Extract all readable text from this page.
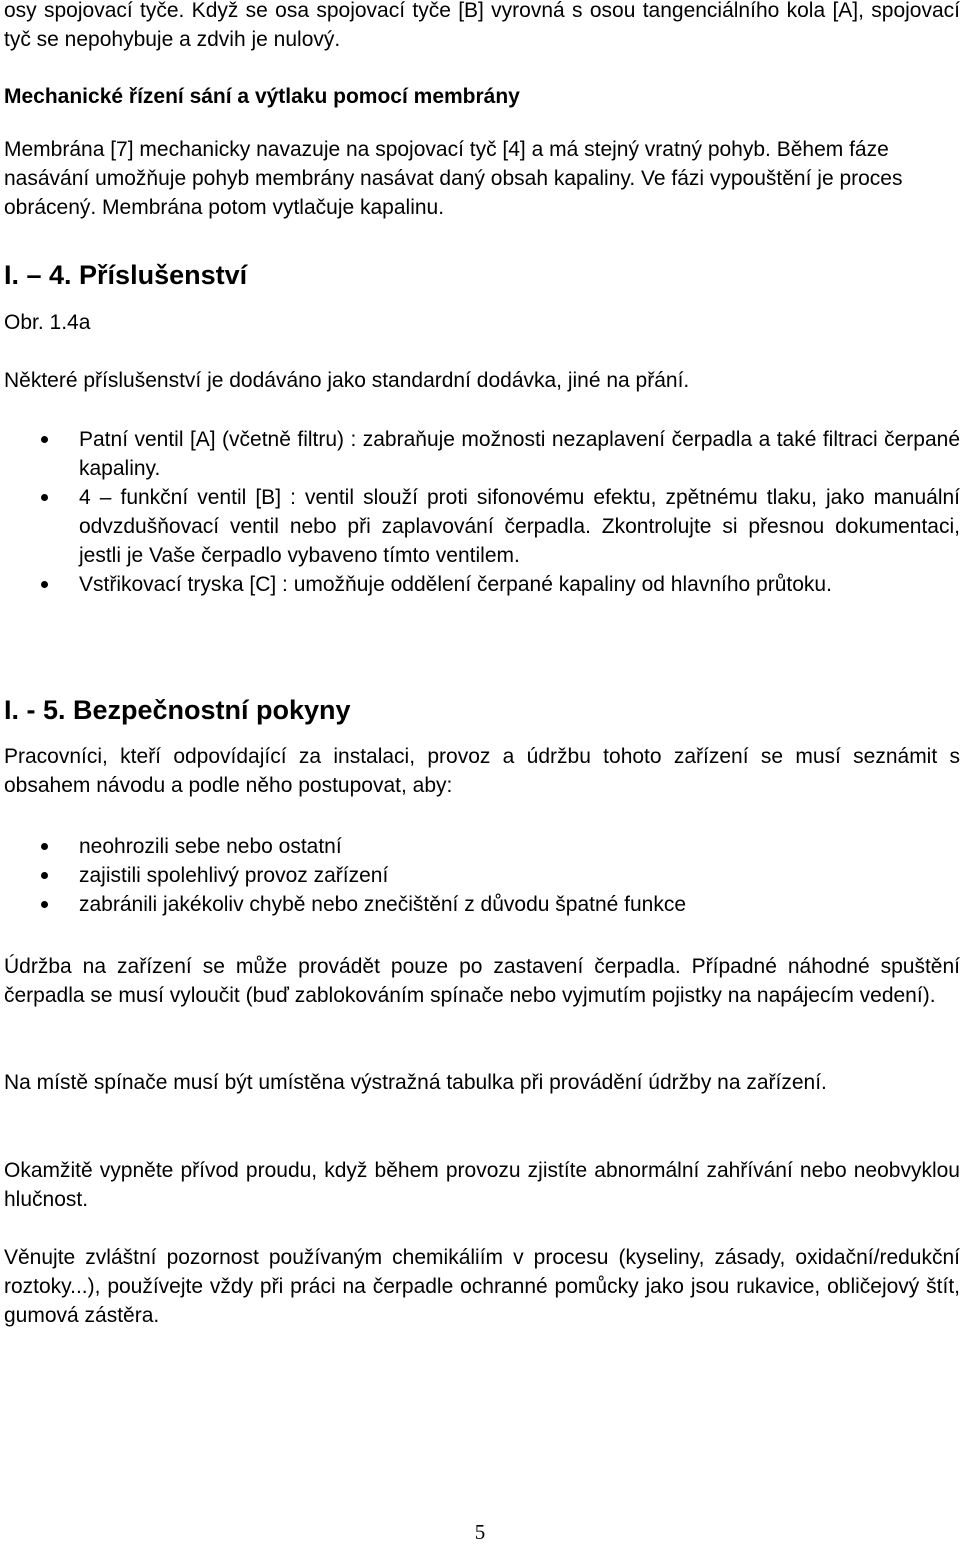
osy spojovací tyče. Když se osa spojovací tyče [B] vyrovná s osou tangenciálního kola [A], spojovací tyč se nepohybuje a zdvih je nulový.

Mechanické řízení sání a výtlaku pomocí membrány

Membrána [7] mechanicky navazuje na spojovací tyč [4] a má stejný vratný pohyb. Během fáze nasávání umožňuje pohyb membrány nasávat daný obsah kapaliny. Ve fázi vypouštění je proces obrácený. Membrána potom vytlačuje kapalinu.

I. – 4. Příslušenství

Obr. 1.4a

Některé příslušenství je dodáváno jako standardní dodávka, jiné na přání.

Patní ventil [A] (včetně filtru) : zabraňuje možnosti nezaplavení čerpadla a také filtraci čerpané kapaliny.
4 – funkční ventil [B] : ventil slouží proti sifonovému efektu, zpětnému tlaku, jako manuální odvzdušňovací ventil nebo při zaplavování čerpadla. Zkontrolujte si přesnou dokumentaci, jestli je Vaše čerpadlo vybaveno tímto ventilem.
Vstřikovací tryska [C] : umožňuje oddělení čerpané kapaliny od hlavního průtoku.
I. - 5. Bezpečnostní pokyny

Pracovníci, kteří odpovídající za instalaci, provoz a údržbu tohoto zařízení se musí seznámit s obsahem návodu a podle něho postupovat, aby:

neohrozili sebe nebo ostatní
zajistili spolehlivý provoz zařízení
zabránili jakékoliv chybě nebo znečištění z důvodu špatné funkce

Údržba na zařízení se může provádět pouze po zastavení čerpadla. Případné náhodné spuštění čerpadla se musí vyloučit (buď zablokováním spínače nebo vyjmutím pojistky na napájecím vedení).

Na místě spínače musí být umístěna výstražná tabulka při provádění údržby na zařízení.

Okamžitě vypněte přívod proudu, když během provozu zjistíte abnormální zahřívání nebo neobvyklou hlučnost.

Věnujte zvláštní pozornost používaným chemikáliím v procesu (kyseliny, zásady, oxidační/redukční roztoky...), používejte vždy při práci na čerpadle ochranné pomůcky jako jsou rukavice, obličejový štít, gumová zástěra.

5
